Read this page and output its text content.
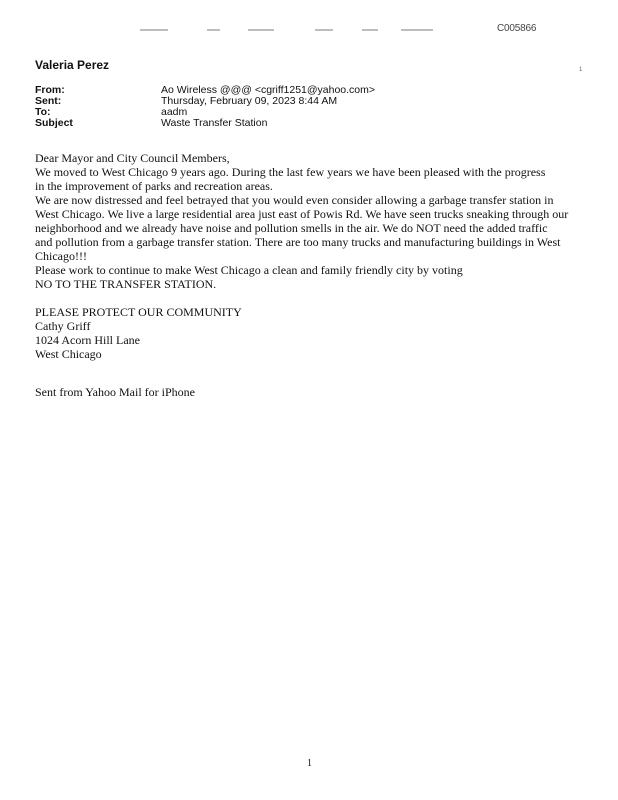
C005866
Valeria Perez	1
From:	Ao Wireless @@@ <cgriff1251@yahoo.com>
Sent:	Thursday, February 09, 2023 8:44 AM
To:	aadm
Subject	Waste Transfer Station
Dear Mayor and City Council Members,
We moved to West Chicago 9 years ago. During the last few years we have been pleased with the progress
in the improvement of parks and recreation areas.
We are now distressed and feel betrayed that you would even consider allowing a garbage transfer station in
West Chicago. We live a large residential area just east of Powis Rd. We have seen trucks sneaking through our
neighborhood and we already have noise and pollution smells in the air. We do NOT need the added traffic
and pollution from a garbage transfer station. There are too many trucks and manufacturing buildings in West
Chicago!!!
Please work to continue to make West Chicago a clean and family friendly city by voting
NO TO THE TRANSFER STATION.
PLEASE PROTECT OUR COMMUNITY
Cathy Griff
1024 Acorn Hill Lane
West Chicago
Sent from Yahoo Mail for iPhone
1
